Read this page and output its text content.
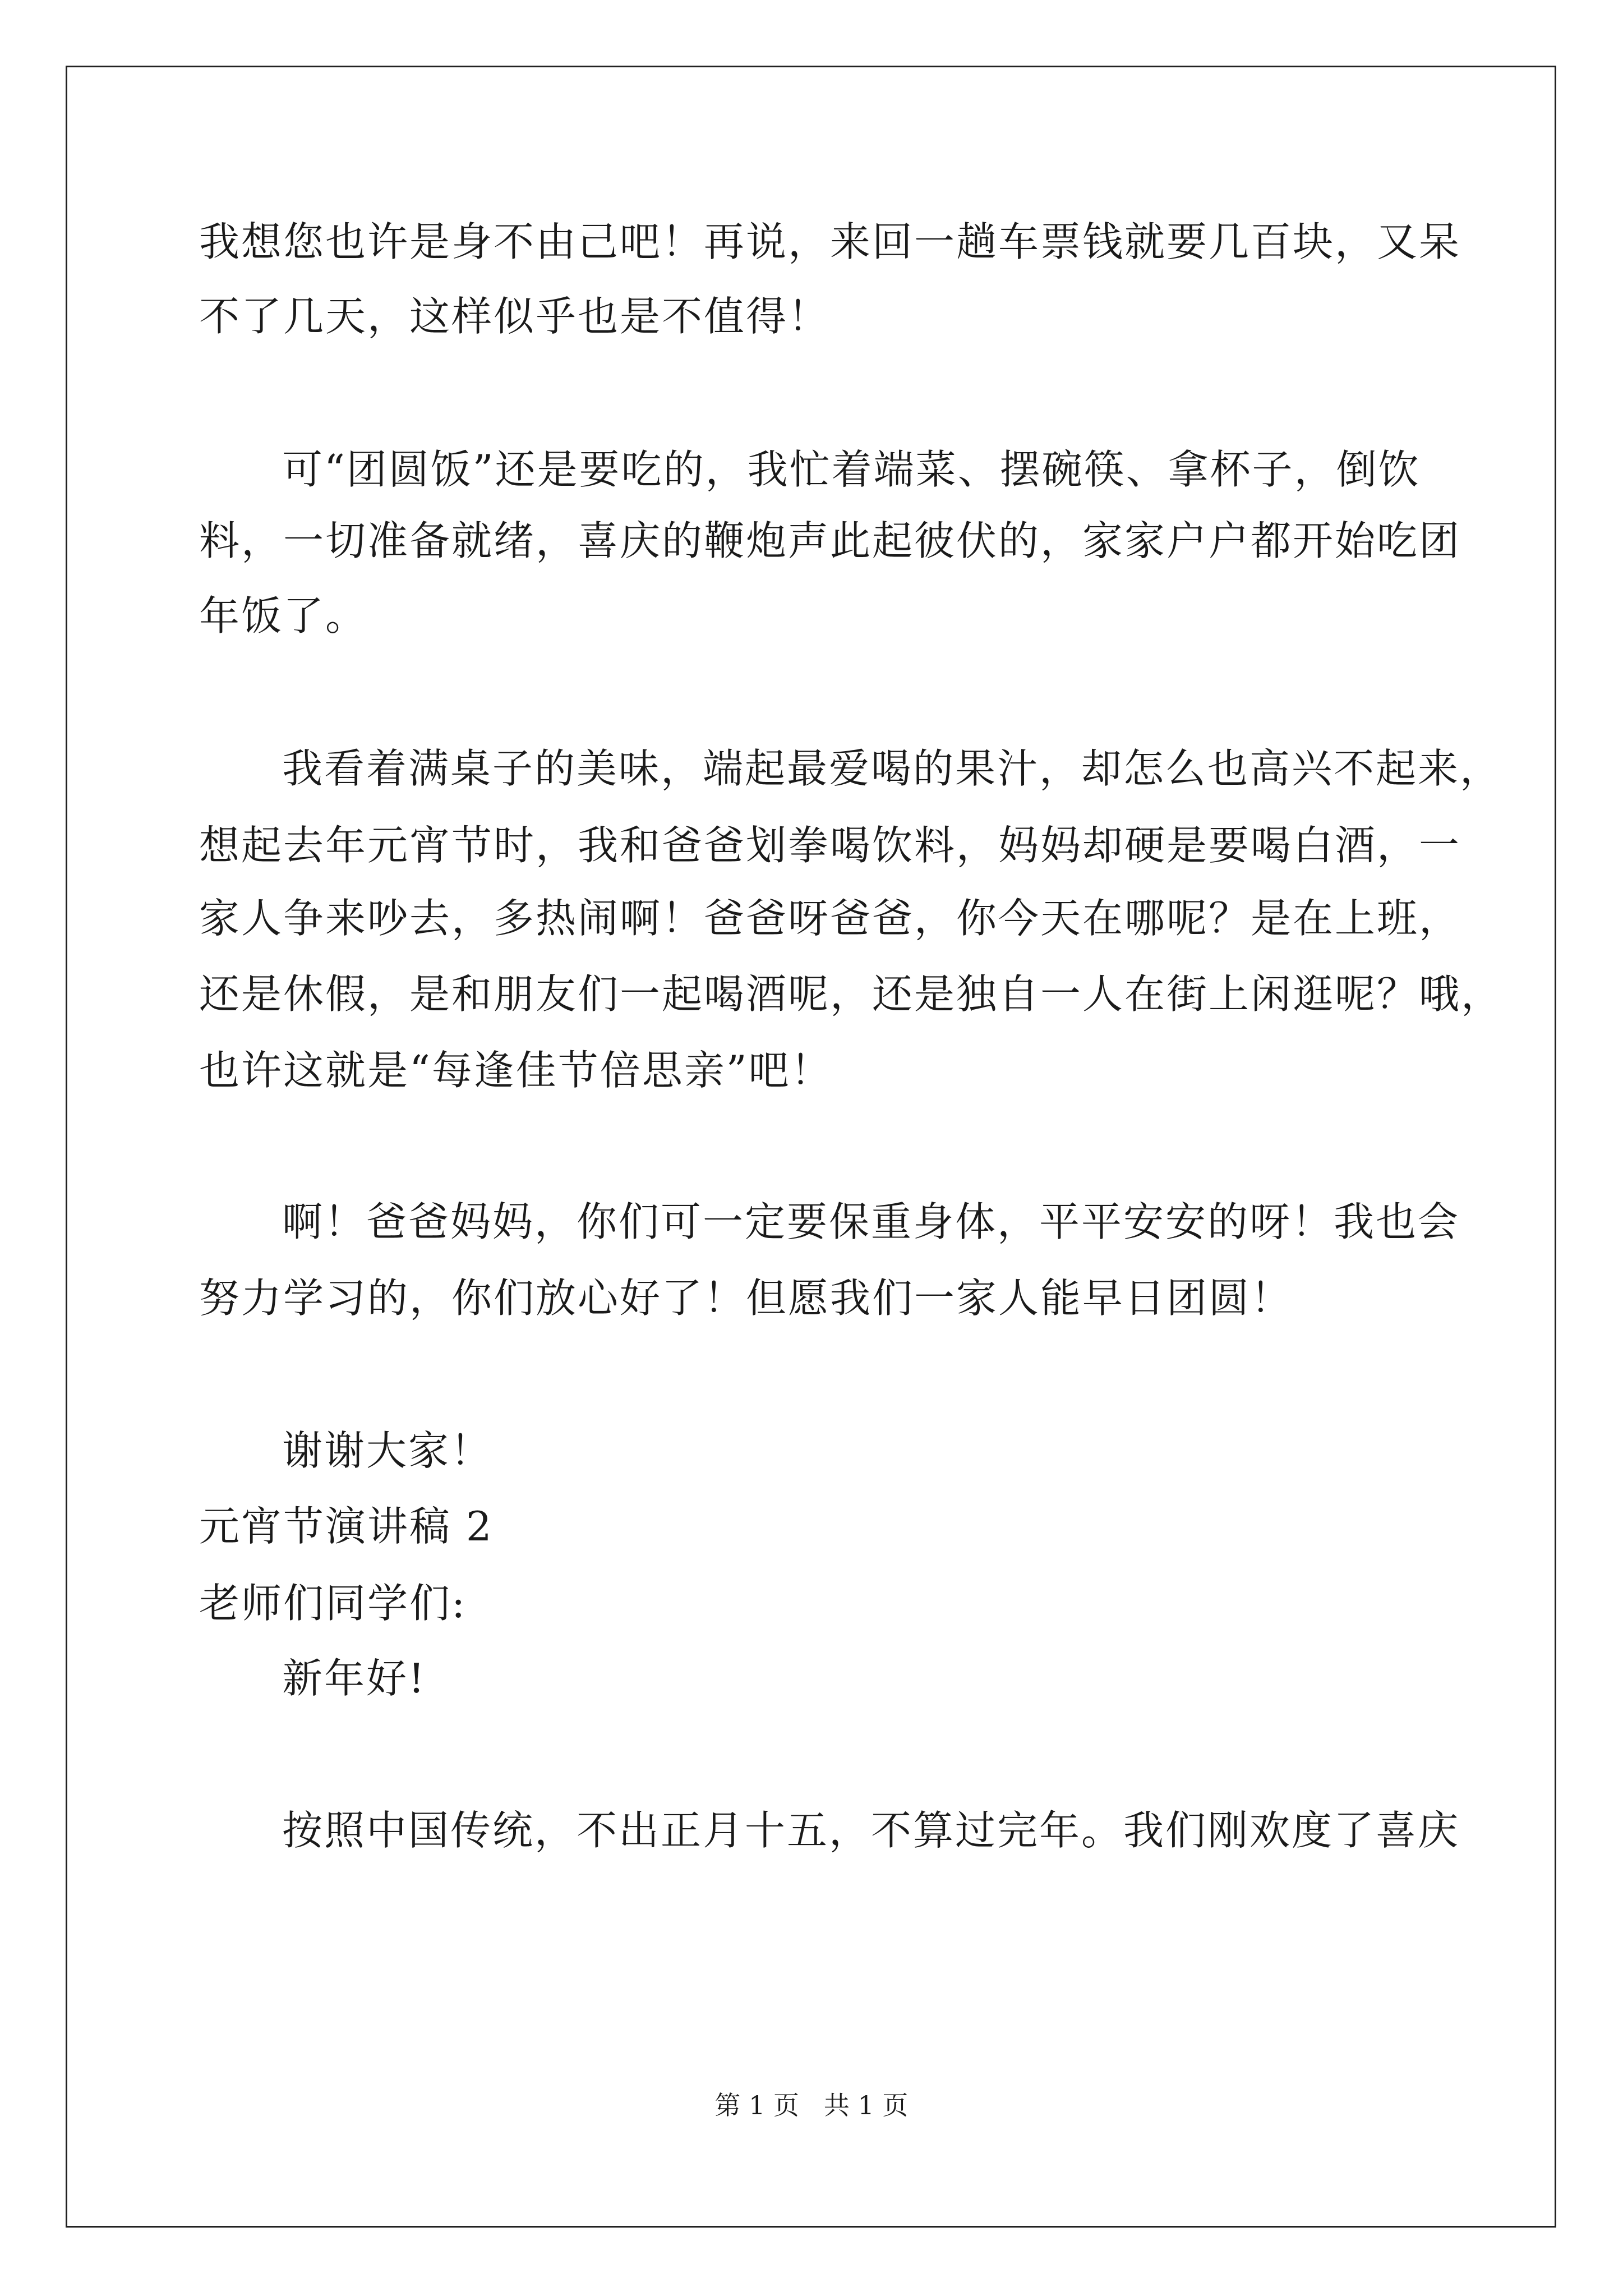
我想您也许是身不由己吧！再说，来回一趟车票钱就要几百块，又呆
不了几天，这样似乎也是不值得！
可“团圆饭”还是要吃的，我忙着端菜、摆碗筷、拿杯子，倒饮
料，一切准备就绪，喜庆的鞭炮声此起彼伏的，家家户户都开始吃团
年饭了。
我看着满桌子的美味，端起最爱喝的果汁，却怎么也高兴不起来，
想起去年元宵节时，我和爸爸划拳喝饮料，妈妈却硬是要喝白酒，一
家人争来吵去，多热闹啊！爸爸呀爸爸，你今天在哪呢？是在上班，
还是休假，是和朋友们一起喝酒呢，还是独自一人在街上闲逛呢？哦，
也许这就是“每逢佳节倍思亲”吧！
啊！爸爸妈妈，你们可一定要保重身体，平平安安的呀！我也会
努力学习的，你们放心好了！但愿我们一家人能早日团圆！
谢谢大家！
元宵节演讲稿 2
老师们同学们:
新年好!
按照中国传统，不出正月十五，不算过完年。我们刚欢度了喜庆
第 1 页   共 1 页
